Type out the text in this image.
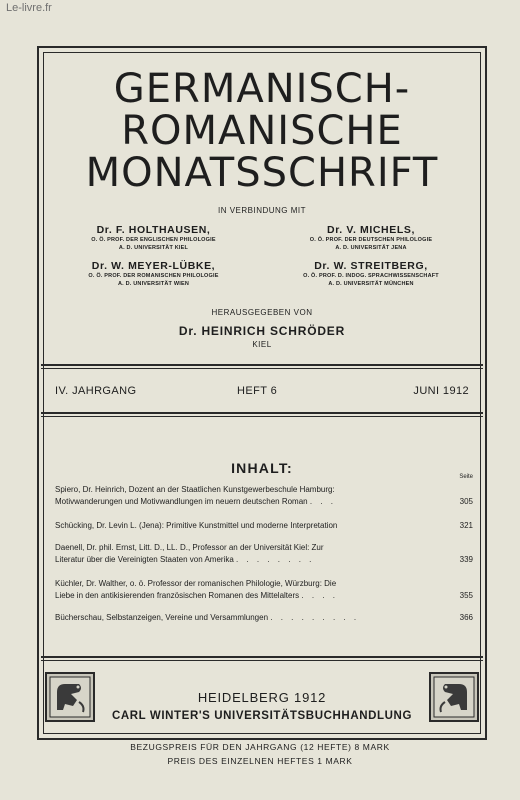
Le-livre.fr
GERMANISCH-
ROMANISCHE
MONATSSCHRIFT
IN VERBINDUNG MIT
Dr. F. HOLTHAUSEN,
O. Ö. PROF. DER ENGLISCHEN PHILOLOGIE
A. D. UNIVERSITÄT KIEL
Dr. V. MICHELS,
O. Ö. PROF. DER DEUTSCHEN PHILOLOGIE
A. D. UNIVERSITÄT JENA
Dr. W. MEYER-LÜBKE,
O. Ö. PROF. DER ROMANISCHEN PHILOLOGIE
A. D. UNIVERSITÄT WIEN
Dr. W. STREITBERG,
O. Ö. PROF. D. INDOG. SPRACHWISSENSCHAFT
A. D. UNIVERSITÄT MÜNCHEN
HERAUSGEGEBEN VON
Dr. HEINRICH SCHRÖDER
KIEL
IV. JAHRGANG	HEFT 6	JUNI 1912
INHALT:
Seite
Spiero, Dr. Heinrich, Dozent an der Staatlichen Kunstgewerbeschule Hamburg:
Motivwanderungen und Motivwandlungen im neuern deutschen Roman . . .	305
Schücking, Dr. Levin L. (Jena): Primitive Kunstmittel und moderne Interpretation	321
Daenell, Dr. phil. Ernst, Litt. D., LL. D., Professor an der Universität Kiel: Zur
Literatur über die Vereinigten Staaten von Amerika . . . . . . . .	339
Küchler, Dr. Walther, o. ö. Professor der romanischen Philologie, Würzburg: Die
Liebe in den antikisierenden französischen Romanen des Mittelalters . . . .	355
Bücherschau, Selbstanzeigen, Vereine und Versammlungen . . . . . . . . .	366
HEIDELBERG 1912
CARL WINTER'S UNIVERSITÄTSBUCHHANDLUNG
BEZUGSPREIS FÜR DEN JAHRGANG (12 HEFTE) 8 MARK
PREIS DES EINZELNEN HEFTES 1 MARK
